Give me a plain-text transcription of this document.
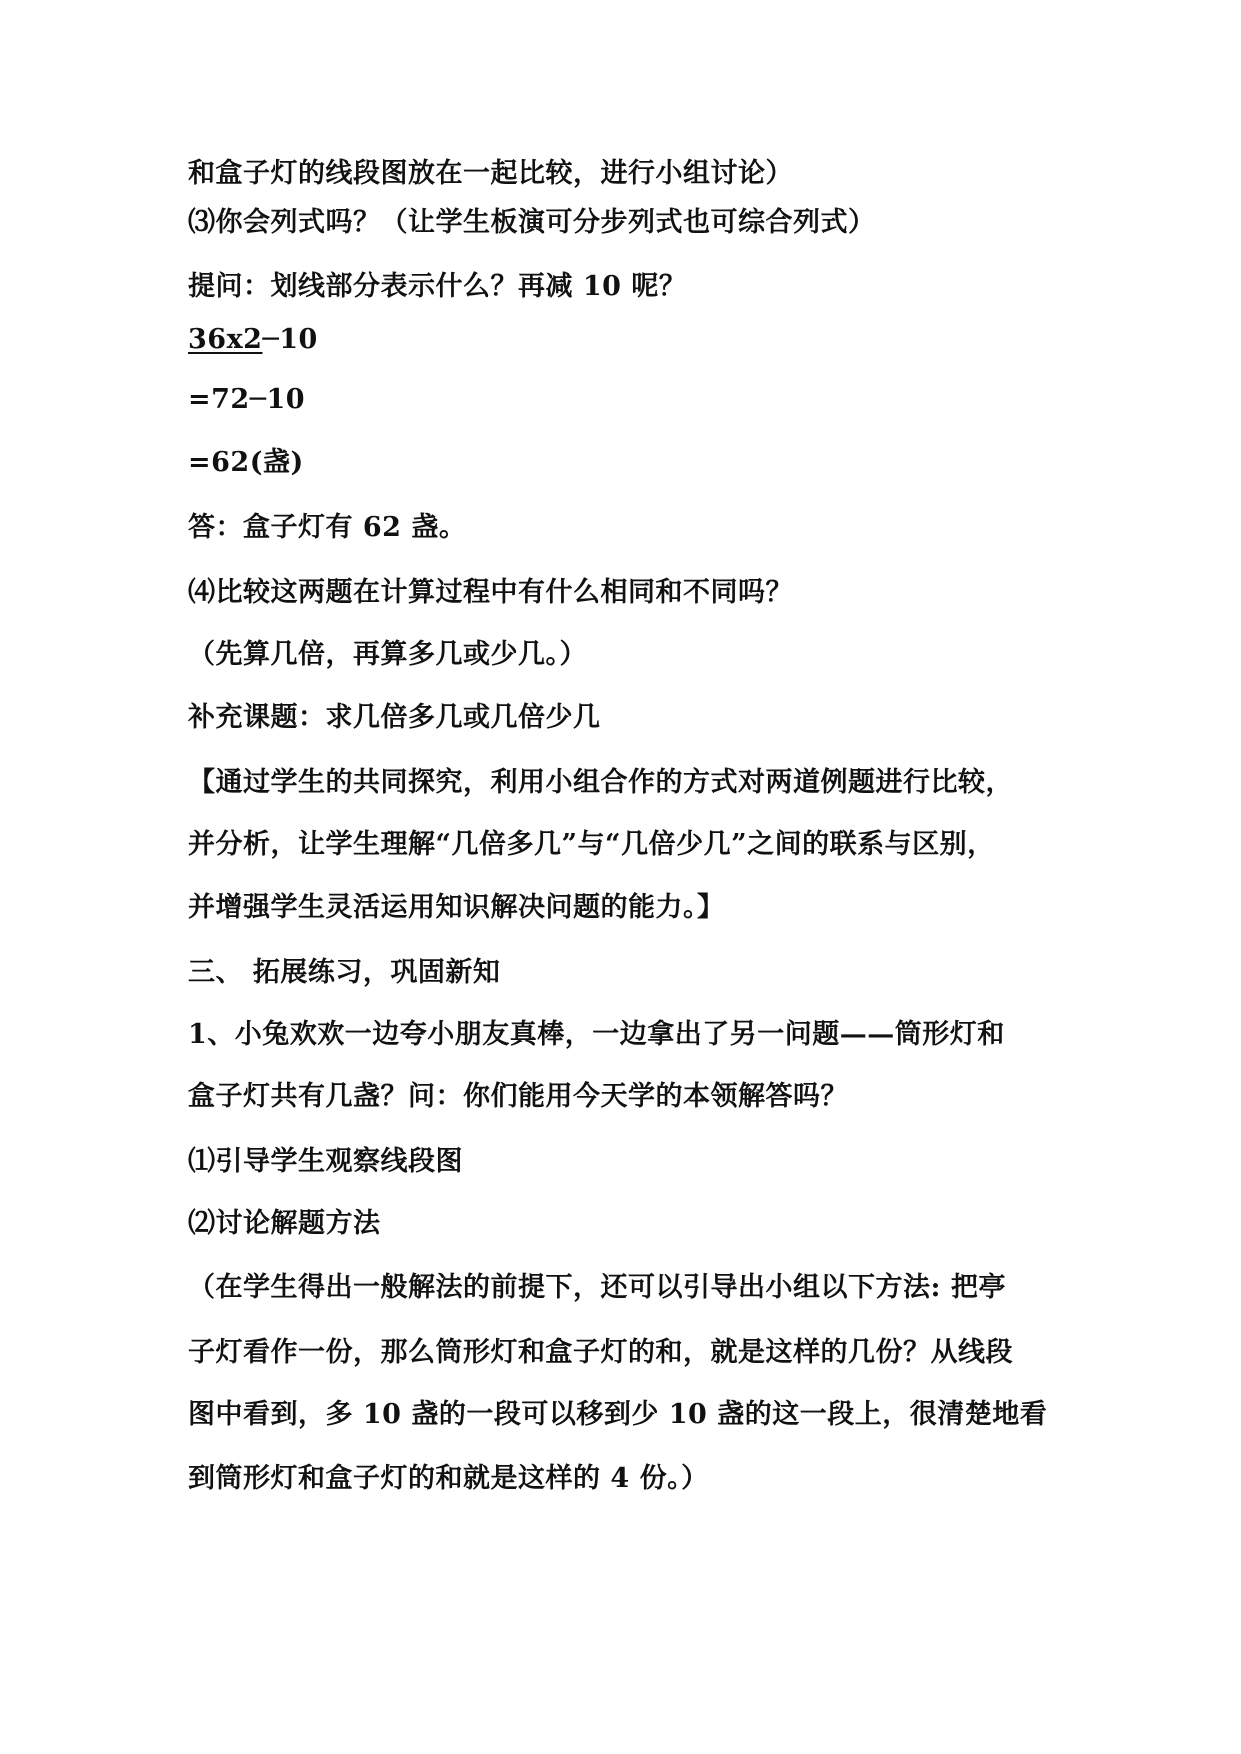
和盒子灯的线段图放在一起比较，进行小组讨论）
⑶你会列式吗？（让学生板演可分步列式也可综合列式）
提问：划线部分表示什么？再减 10 呢？
36x2─10
=72─10
=62(盏)
答：盒子灯有 62 盏。
⑷比较这两题在计算过程中有什么相同和不同吗？
（先算几倍，再算多几或少几。）
补充课题：求几倍多几或几倍少几
【通过学生的共同探究，利用小组合作的方式对两道例题进行比较，
并分析，让学生理解“几倍多几”与“几倍少几”之间的联系与区别，
并增强学生灵活运用知识解决问题的能力。】
三、 拓展练习，巩固新知
1、小兔欢欢一边夸小朋友真棒，一边拿出了另一问题——筒形灯和
盒子灯共有几盏？问：你们能用今天学的本领解答吗？
⑴引导学生观察线段图
⑵讨论解题方法
（在学生得出一般解法的前提下，还可以引导出小组以下方法: 把亭
子灯看作一份，那么筒形灯和盒子灯的和，就是这样的几份？从线段
图中看到，多 10 盏的一段可以移到少 10 盏的这一段上，很清楚地看
到筒形灯和盒子灯的和就是这样的 4 份。）
